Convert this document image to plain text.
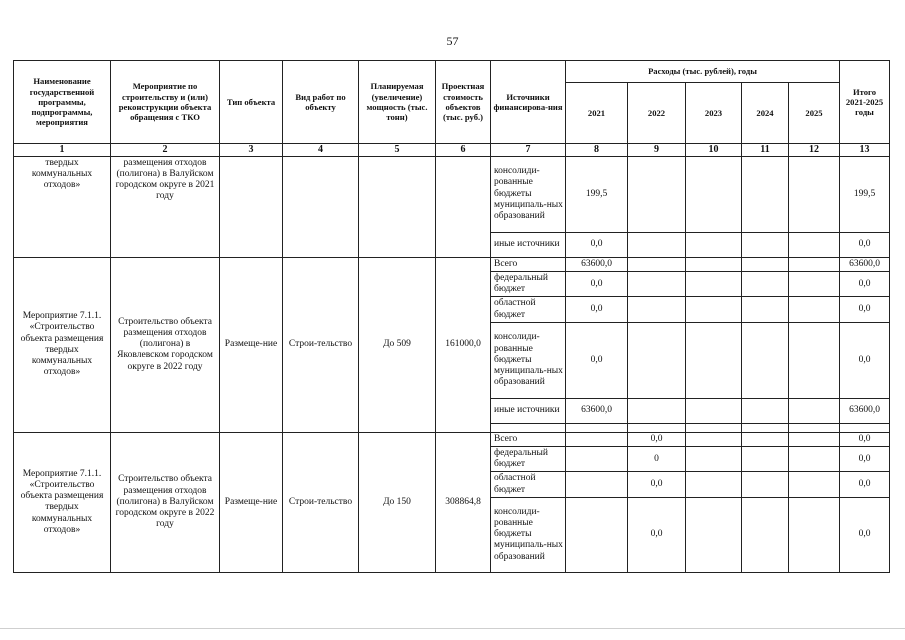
57
Наименование государственной программы, подпрограммы, мероприятия	Мероприятие по строительству и (или) реконструкции объекта обращения с ТКО	Тип объекта	Вид работ по объекту	Планируемая (увеличение) мощность (тыс. тонн)	Проектная стоимость объектов (тыс. руб.)	Источники финансирова-ния	Расходы (тыс. рублей), годы					Итого 2021-2025 годы
							2021	2022	2023	2024	2025	
1	2	3	4	5	6	7	8	9	10	11	12	13
твердых коммунальных отходов»	размещения отходов (полигона) в Валуйском городском округе в 2021 году					консолиди-рованные бюджеты муниципаль-ных образований	199,5					199,5
						иные источники	0,0					0,0
Мероприятие 7.1.1. «Строительство объекта размещения твердых коммунальных отходов»	Строительство объекта размещения отходов (полигона) в Яковлевском городском округе в 2022 году	Размеще-ние	Строи-тельство	До 509	161000,0	Всего	63600,0					63600,0
						федеральный бюджет	0,0					0,0
						областной бюджет	0,0					0,0
						консолиди-рованные бюджеты муниципаль-ных образований	0,0					0,0
						иные источники	63600,0					63600,0

Мероприятие 7.1.1. «Строительство объекта размещения твердых коммунальных отходов»	Строительство объекта размещения отходов (полигона) в Валуйском городском округе в 2022 году	Размеще-ние	Строи-тельство	До 150	308864,8	Всего		0,0				0,0
						федеральный бюджет		0				0,0
						областной бюджет		0,0				0,0
						консолиди-рованные бюджеты муниципаль-ных образований		0,0				0,0
